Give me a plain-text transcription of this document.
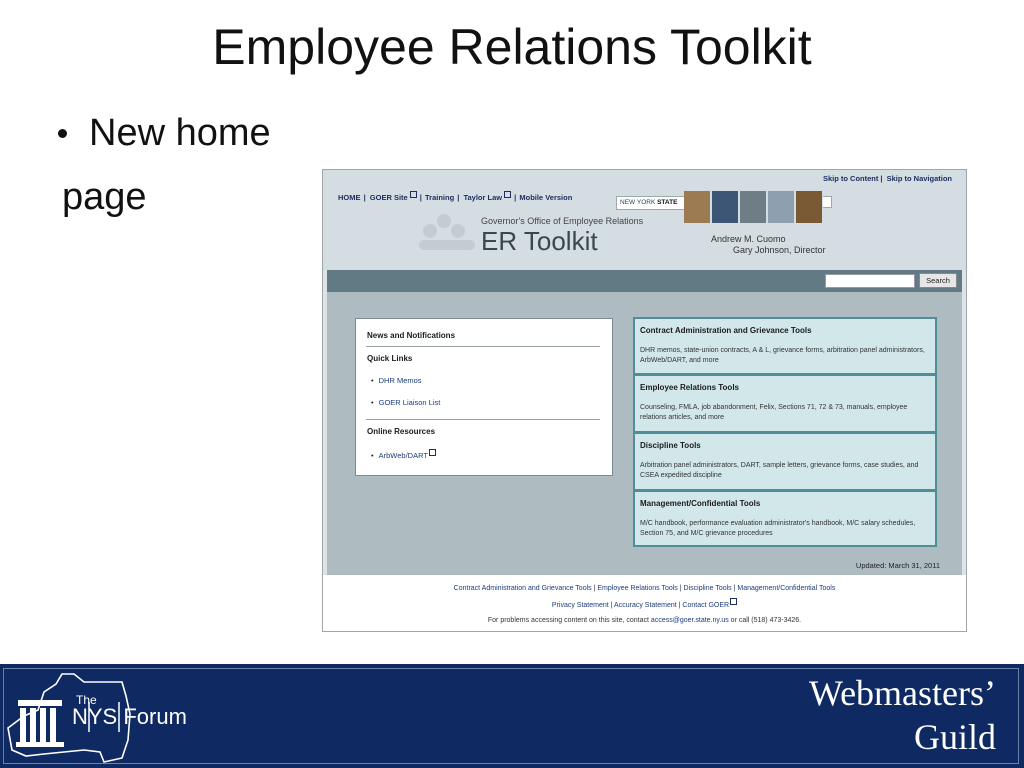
Employee Relations Toolkit
New home
page	Skip to Content | Skip to Navigation
HOME | GOER Site | Training | Taylor Law | Mobile Version
NEW YORK STATE
Governor's Office of Employee Relations
ER Toolkit	Andrew M. Cuomo
Gary Johnson, Director
Search
News and Notifications
Quick Links
• DHR Memos
• GOER Liaison List
Online Resources
• ArbWeb/DART
Contract Administration and Grievance Tools
DHR memos, state-union contracts, A & L, grievance forms, arbitration panel administrators, ArbWeb/DART, and more
Employee Relations Tools
Counseling, FMLA, job abandonment, Felix, Sections 71, 72 & 73, manuals, employee relations articles, and more
Discipline Tools
Arbitration panel administrators, DART, sample letters, grievance forms, case studies, and CSEA expedited discipline
Management/Confidential Tools
M/C handbook, performance evaluation administrator's handbook, M/C salary schedules, Section 75, and M/C grievance procedures
Updated: March 31, 2011
Contract Administration and Grievance Tools | Employee Relations Tools | Discipline Tools | Management/Confidential Tools
Privacy Statement | Accuracy Statement | Contact GOER
For problems accessing content on this site, contact access@goer.state.ny.us or call (518) 473-3426.
The
NYS Forum
Webmasters’
Guild
